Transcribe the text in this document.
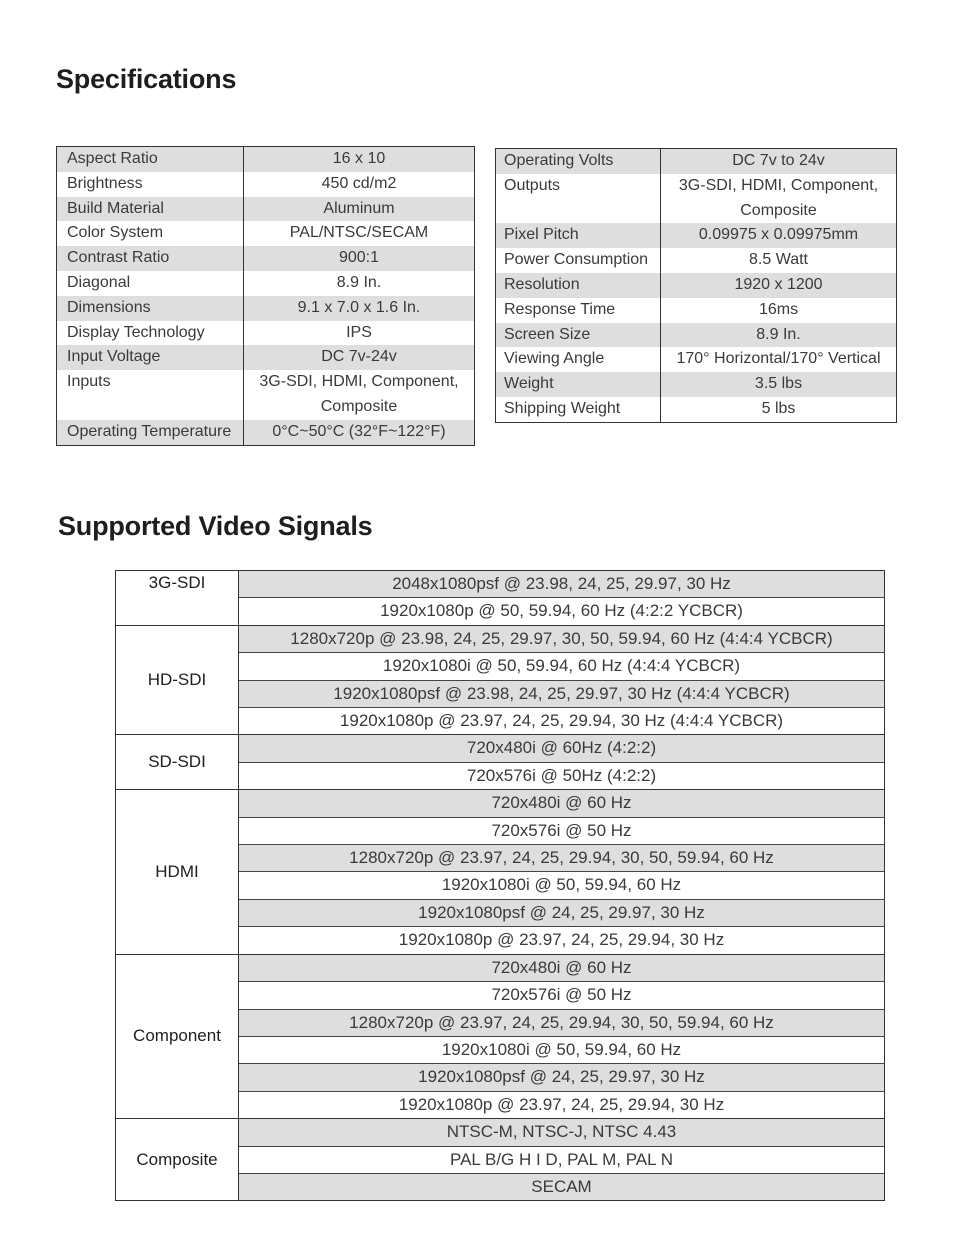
Specifications
Aspect Ratio	16 x 10

Brightness	450 cd/m2

Build Material	Aluminum

Color System	PAL/NTSC/SECAM

Contrast Ratio	900:1

Diagonal	8.9 In.

Dimensions	9.1 x 7.0 x 1.6 In.

Display Technology	IPS

Input Voltage	DC 7v-24v

Inputs	3G-SDI, HDMI, Component,
Composite

Operating Temperature	0°C~50°C (32°F~122°F)
Operating Volts	DC 7v to 24v

Outputs	3G-SDI, HDMI, Component,
Composite

Pixel Pitch	0.09975 x 0.09975mm

Power Consumption	8.5 Watt

Resolution	1920 x 1200

Response Time	16ms

Screen Size	8.9 In.

Viewing Angle	170° Horizontal/170° Vertical

Weight	3.5 lbs

Shipping Weight	5 lbs
Supported Video Signals
3G-SDI	2048x1080psf @ 23.98, 24, 25, 29.97, 30 Hz
	1920x1080p @ 50, 59.94, 60 Hz (4:2:2 YCBCR)
HD-SDI	1280x720p @ 23.98, 24, 25, 29.97, 30, 50, 59.94, 60 Hz (4:4:4 YCBCR)
	1920x1080i @ 50, 59.94, 60 Hz (4:4:4 YCBCR)
	1920x1080psf @ 23.98, 24, 25, 29.97, 30 Hz (4:4:4 YCBCR)
	1920x1080p @ 23.97, 24, 25, 29.94, 30 Hz (4:4:4 YCBCR)
SD-SDI	720x480i @ 60Hz (4:2:2)
	720x576i @ 50Hz (4:2:2)
HDMI	720x480i @ 60 Hz
	720x576i @ 50 Hz
	1280x720p @ 23.97, 24, 25, 29.94, 30, 50, 59.94, 60 Hz
	1920x1080i @ 50, 59.94, 60 Hz
	1920x1080psf @ 24, 25, 29.97, 30 Hz
	1920x1080p @ 23.97, 24, 25, 29.94, 30 Hz
Component	720x480i @ 60 Hz
	720x576i @ 50 Hz
	1280x720p @ 23.97, 24, 25, 29.94, 30, 50, 59.94, 60 Hz
	1920x1080i @ 50, 59.94, 60 Hz
	1920x1080psf @ 24, 25, 29.97, 30 Hz
	1920x1080p @ 23.97, 24, 25, 29.94, 30 Hz
Composite	NTSC-M, NTSC-J, NTSC 4.43
	PAL B/G H I D, PAL M, PAL N
	SECAM
